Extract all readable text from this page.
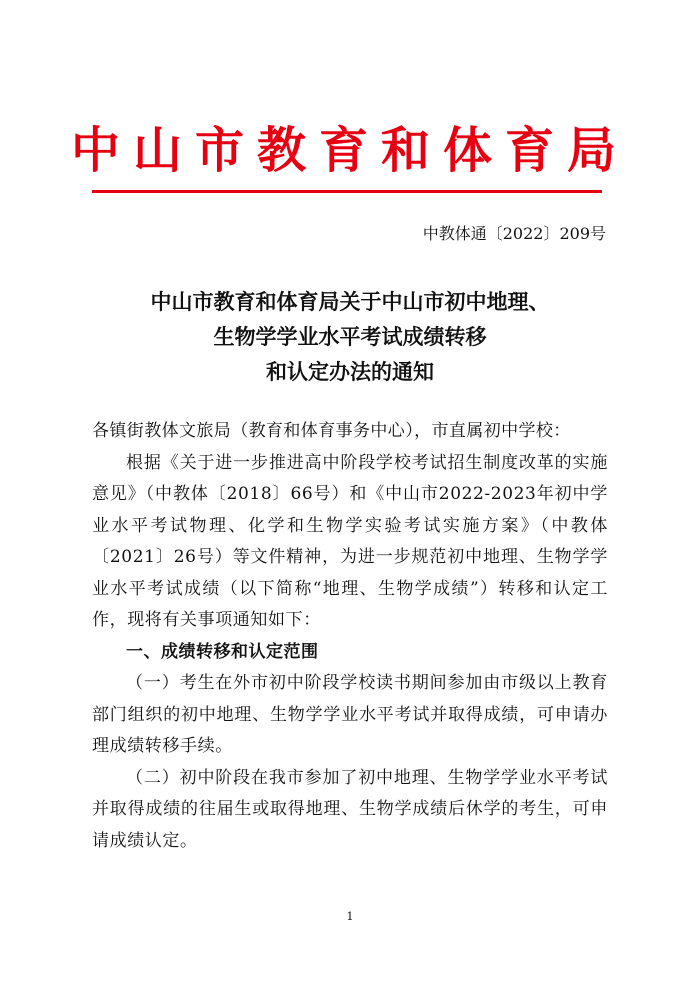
中山市教育和体育局
中教体通〔2022〕209号
中山市教育和体育局关于中山市初中地理、
生物学学业水平考试成绩转移
和认定办法的通知

各镇街教体文旅局（教育和体育事务中心），市直属初中学校：

根据《关于进一步推进高中阶段学校考试招生制度改革的实施意见》（中教体〔2018〕66号）和《中山市2022-2023年初中学业水平考试物理、化学和生物学实验考试实施方案》（中教体〔2021〕26号）等文件精神，为进一步规范初中地理、生物学学业水平考试成绩（以下简称“地理、生物学成绩”）转移和认定工作，现将有关事项通知如下：

一、成绩转移和认定范围

（一）考生在外市初中阶段学校读书期间参加由市级以上教育部门组织的初中地理、生物学学业水平考试并取得成绩，可申请办理成绩转移手续。

（二）初中阶段在我市参加了初中地理、生物学学业水平考试并取得成绩的往届生或取得地理、生物学成绩后休学的考生，可申请成绩认定。

1
